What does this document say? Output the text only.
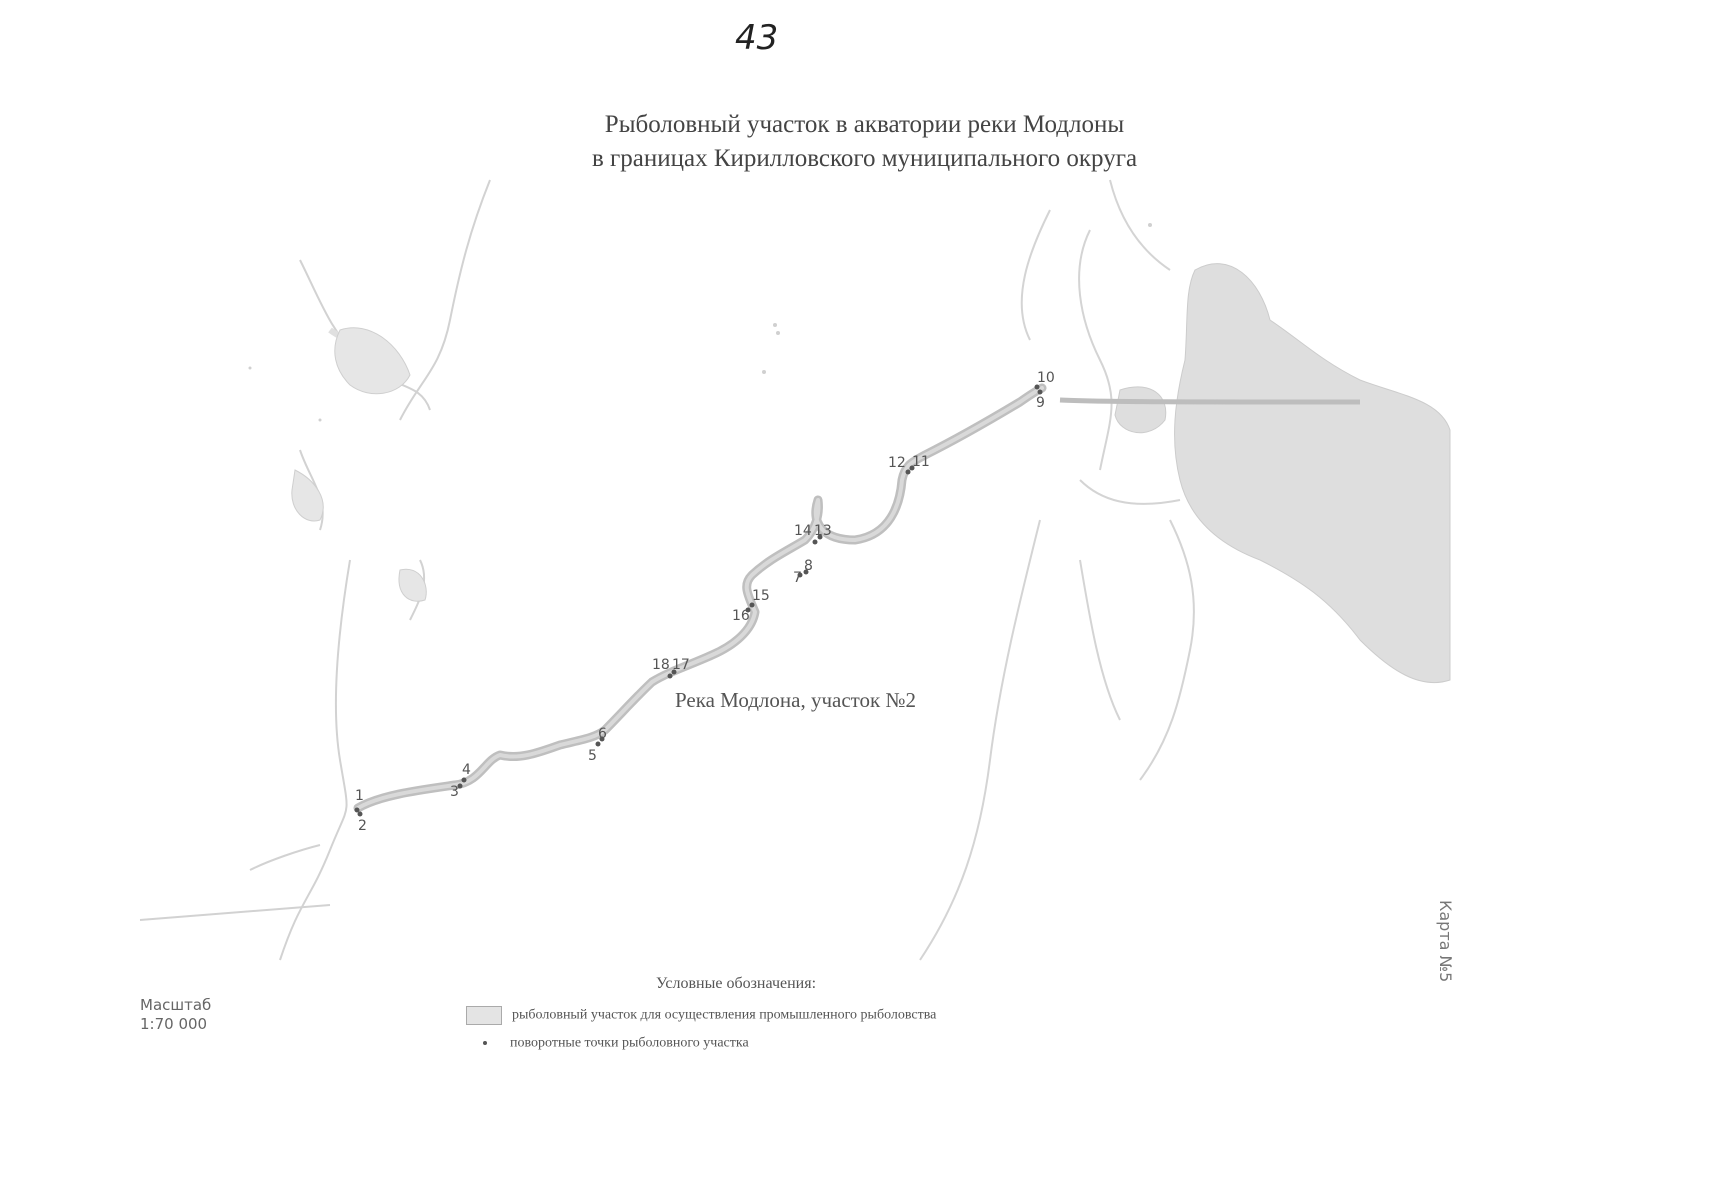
43
Рыболовный участок в акватории реки Модлоны
в границах Кирилловского муниципального округа
1
2
3
4
5
6
7
8
9
10
11
12
13
14
15
16
17
18
Река Модлона, участок №2
Карта №5
Масштаб
1:70 000
Условные обозначения:
рыболовный участок для осуществления промышленного рыболовства
поворотные точки рыболовного участка
